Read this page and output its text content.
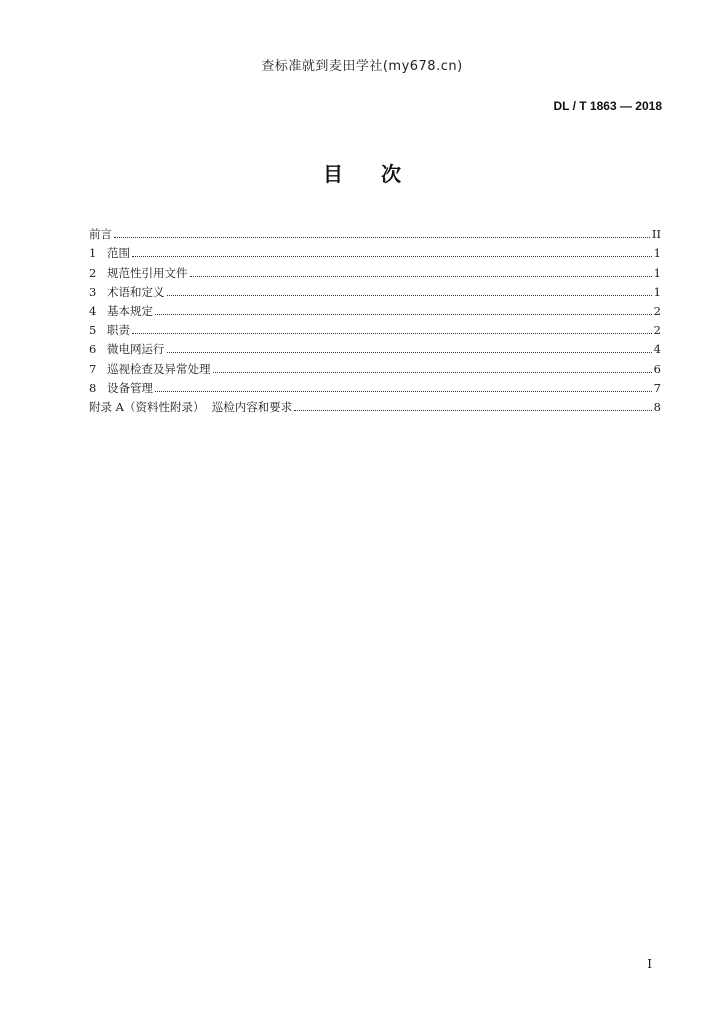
查标准就到麦田学社(my678.cn)
DL / T 1863 — 2018
目次
前言	II
1 范围	1
2 规范性引用文件	1
3 术语和定义	1
4 基本规定	2
5 职责	2
6 微电网运行	4
7 巡视检查及异常处理	6
8 设备管理	7
附录 A（资料性附录）  巡检内容和要求	8
I
